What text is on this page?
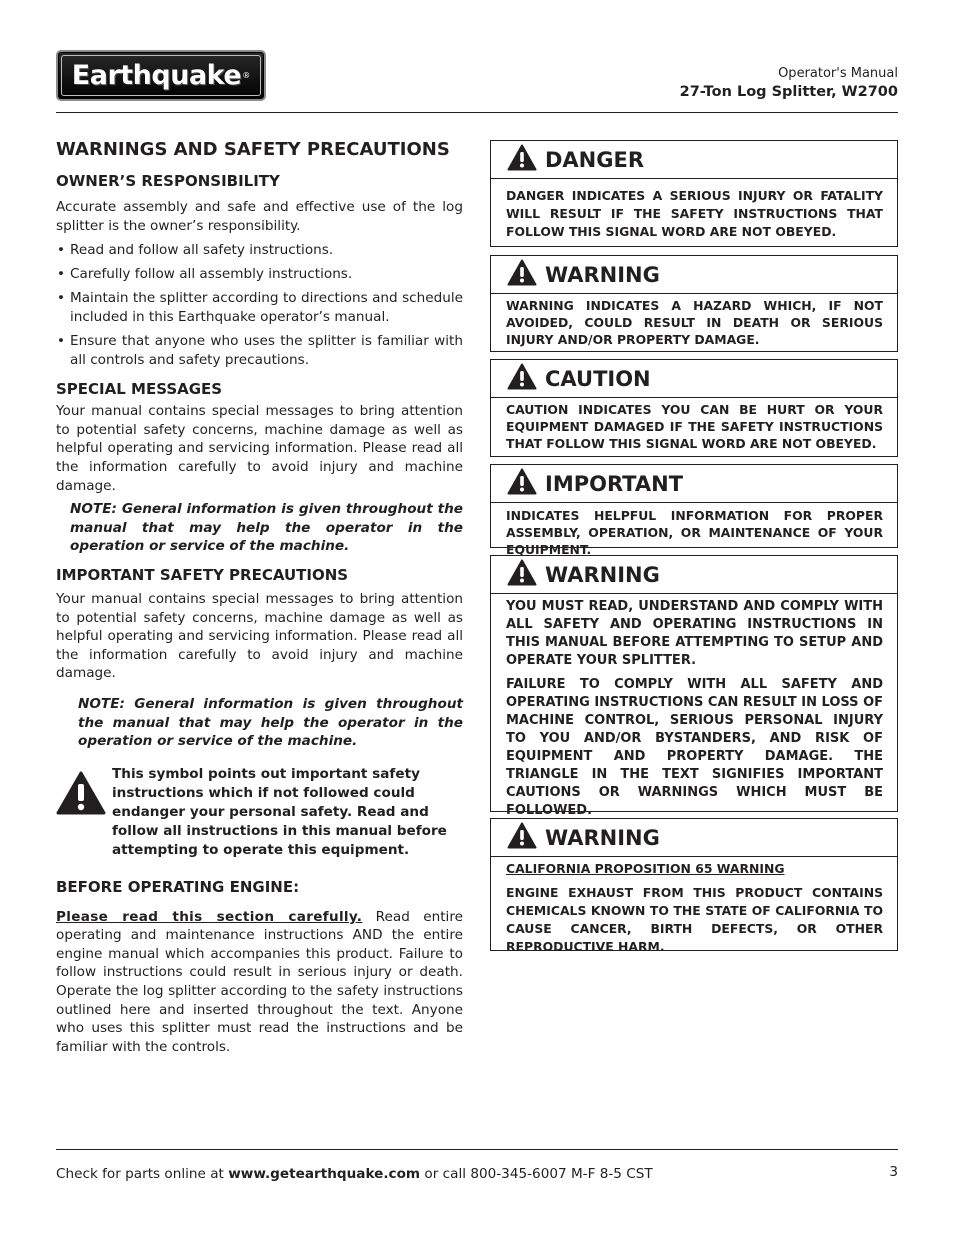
Earthquake ®	Operator's Manual
27-Ton Log Splitter, W2700
WARNINGS AND SAFETY PRECAUTIONS
OWNER’S RESPONSIBILITY

Accurate assembly and safe and effective use of the log splitter is the owner’s responsibility.

• Read and follow all safety instructions.
• Carefully follow all assembly instructions.
• Maintain the splitter according to directions and schedule included in this Earthquake operator’s manual.
• Ensure that anyone who uses the splitter is familiar with all controls and safety precautions.
SPECIAL MESSAGES

Your manual contains special messages to bring attention to potential safety concerns, machine damage as well as helpful operating and servicing information. Please read all the information carefully to avoid injury and machine damage.

NOTE: General information is given throughout the manual that may help the operator in the operation or service of the machine.

IMPORTANT SAFETY PRECAUTIONS

Your manual contains special messages to bring attention to potential safety concerns, machine damage as well as helpful operating and servicing information. Please read all the information carefully to avoid injury and machine damage.

NOTE: General information is given throughout the manual that may help the operator in the operation or service of the machine.

This symbol points out important safety instructions which if not followed could endanger your personal safety. Read and follow all instructions in this manual before attempting to operate this equipment.
BEFORE OPERATING ENGINE:

Please read this section carefully. Read entire operating and maintenance instructions AND the entire engine manual which accompanies this product. Failure to follow instructions could result in serious injury or death. Operate the log splitter according to the safety instructions outlined here and inserted throughout the text. Anyone who uses this splitter must read the instructions and be familiar with the controls.

DANGER
DANGER INDICATES A SERIOUS INJURY OR FATALITY WILL RESULT IF THE SAFETY INSTRUCTIONS THAT FOLLOW THIS SIGNAL WORD ARE NOT OBEYED.
WARNING
WARNING INDICATES A HAZARD WHICH, IF NOT AVOIDED, COULD RESULT IN DEATH OR SERIOUS INJURY AND/OR PROPERTY DAMAGE.
CAUTION
CAUTION INDICATES YOU CAN BE HURT OR YOUR EQUIPMENT DAMAGED IF THE SAFETY INSTRUCTIONS THAT FOLLOW THIS SIGNAL WORD ARE NOT OBEYED.
IMPORTANT
INDICATES HELPFUL INFORMATION FOR PROPER ASSEMBLY, OPERATION, OR MAINTENANCE OF YOUR EQUIPMENT.
WARNING
YOU MUST READ, UNDERSTAND AND COMPLY WITH ALL SAFETY AND OPERATING INSTRUCTIONS IN THIS MANUAL BEFORE ATTEMPTING TO SETUP AND OPERATE YOUR SPLITTER.
FAILURE TO COMPLY WITH ALL SAFETY AND OPERATING INSTRUCTIONS CAN RESULT IN LOSS OF MACHINE CONTROL, SERIOUS PERSONAL INJURY TO YOU AND/OR BYSTANDERS, AND RISK OF EQUIPMENT AND PROPERTY DAMAGE. THE TRIANGLE IN THE TEXT SIGNIFIES IMPORTANT CAUTIONS OR WARNINGS WHICH MUST BE FOLLOWED.
WARNING
CALIFORNIA PROPOSITION 65 WARNING
ENGINE EXHAUST FROM THIS PRODUCT CONTAINS CHEMICALS KNOWN TO THE STATE OF CALIFORNIA TO CAUSE CANCER, BIRTH DEFECTS, OR OTHER REPRODUCTIVE HARM.
Check for parts online at www.getearthquake.com or call 800-345-6007 M-F 8-5 CST	3
